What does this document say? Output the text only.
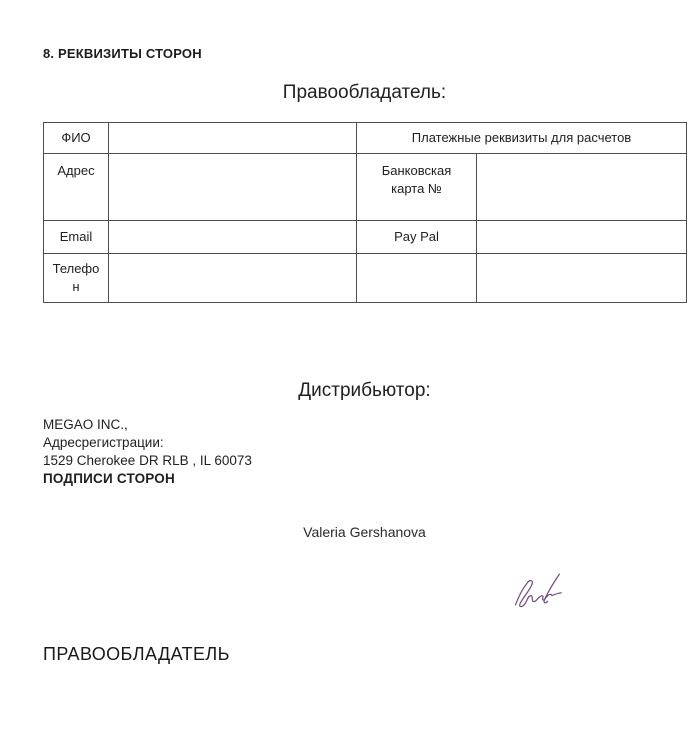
8. РЕКВИЗИТЫ СТОРОН
Правообладатель:
ФИО		Платежные реквизиты для расчетов	
Адрес		Банковская карта №	
Email		Pay Pal	
Телефон			
Дистрибьютор:
MEGAO INC.,
Адресрегистрации:
1529 Cherokee DR RLB , IL 60073
ПОДПИСИ СТОРОН
Valeria Gershanova
ПРАВООБЛАДАТЕЛЬ
